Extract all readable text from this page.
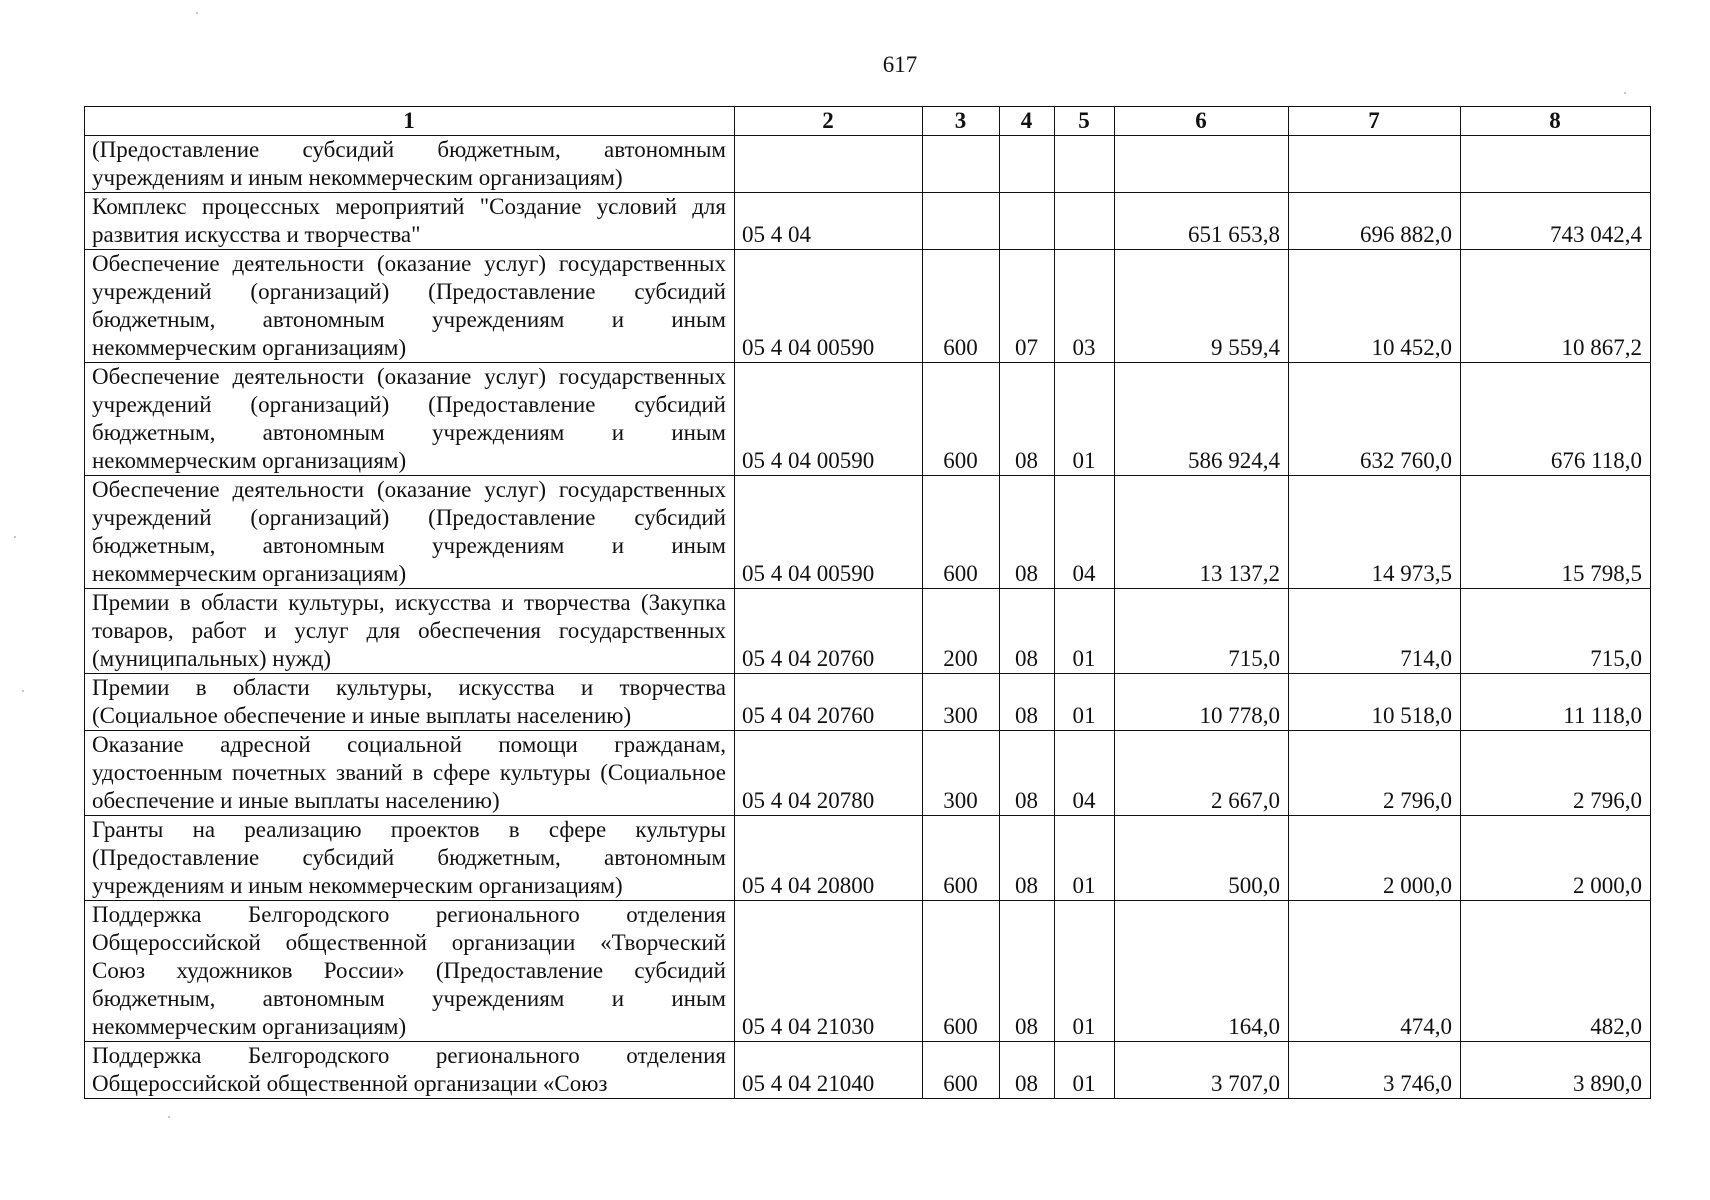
617
1	2	3	4	5	6	7	8
(Предоставление субсидий бюджетным, автономным учреждениям и иным некоммерческим организациям)							
Комплекс процессных мероприятий "Создание условий для развития искусства и творчества"	05 4 04				651 653,8	696 882,0	743 042,4
Обеспечение деятельности (оказание услуг) государственных учреждений (организаций) (Предоставление субсидий бюджетным, автономным учреждениям и иным некоммерческим организациям)	05 4 04 00590	600	07	03	9 559,4	10 452,0	10 867,2
Обеспечение деятельности (оказание услуг) государственных учреждений (организаций) (Предоставление субсидий бюджетным, автономным учреждениям и иным некоммерческим организациям)	05 4 04 00590	600	08	01	586 924,4	632 760,0	676 118,0
Обеспечение деятельности (оказание услуг) государственных учреждений (организаций) (Предоставление субсидий бюджетным, автономным учреждениям и иным некоммерческим организациям)	05 4 04 00590	600	08	04	13 137,2	14 973,5	15 798,5
Премии в области культуры, искусства и творчества (Закупка товаров, работ и услуг для обеспечения государственных (муниципальных) нужд)	05 4 04 20760	200	08	01	715,0	714,0	715,0
Премии в области культуры, искусства и творчества (Социальное обеспечение и иные выплаты населению)	05 4 04 20760	300	08	01	10 778,0	10 518,0	11 118,0
Оказание адресной социальной помощи гражданам, удостоенным почетных званий в сфере культуры (Социальное обеспечение и иные выплаты населению)	05 4 04 20780	300	08	04	2 667,0	2 796,0	2 796,0
Гранты на реализацию проектов в сфере культуры (Предоставление субсидий бюджетным, автономным учреждениям и иным некоммерческим организациям)	05 4 04 20800	600	08	01	500,0	2 000,0	2 000,0
Поддержка Белгородского регионального отделения Общероссийской общественной организации «Творческий Союз художников России» (Предоставление субсидий бюджетным, автономным учреждениям и иным некоммерческим организациям)	05 4 04 21030	600	08	01	164,0	474,0	482,0
Поддержка Белгородского регионального отделения Общероссийской общественной организации «Союз	05 4 04 21040	600	08	01	3 707,0	3 746,0	3 890,0
